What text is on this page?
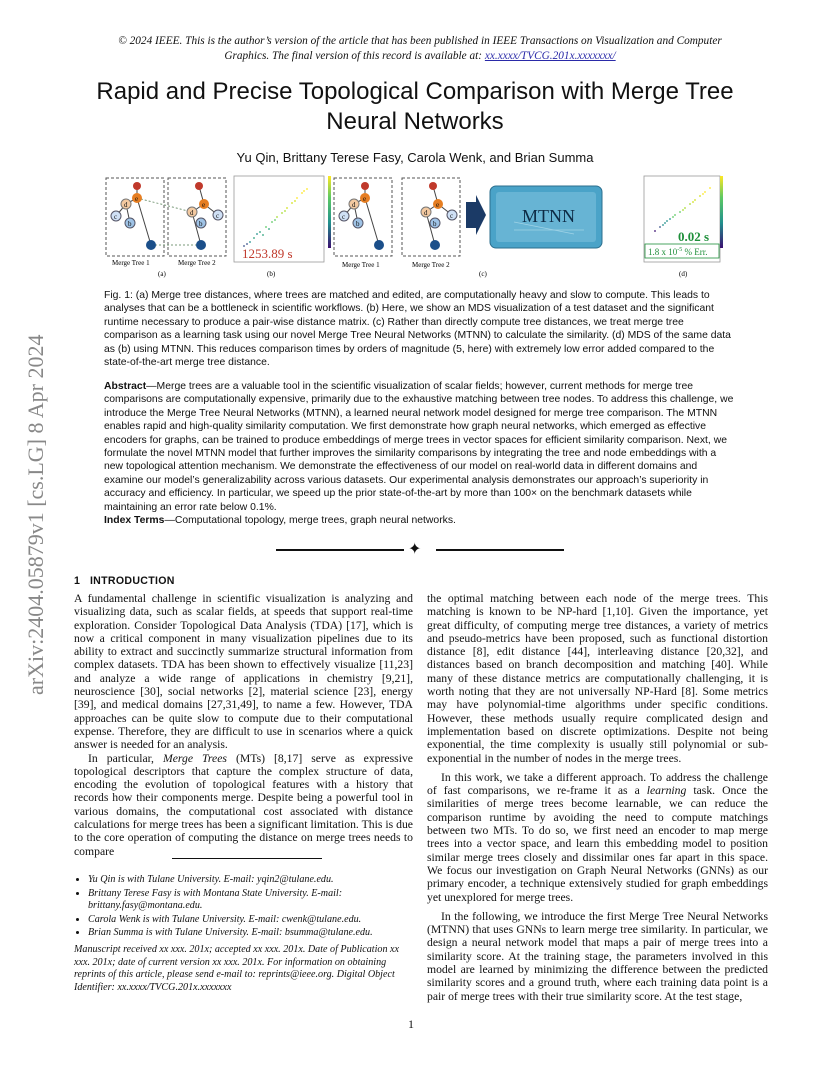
© 2024 IEEE. This is the author’s version of the article that has been published in IEEE Transactions on Visualization and Computer Graphics. The final version of this record is available at: xx.xxxx/TVCG.201x.xxxxxxx/
Rapid and Precise Topological Comparison with Merge Tree Neural Networks
Yu Qin, Brittany Terese Fasy, Carola Wenk, and Brian Summa
arXiv:2404.05879v1 [cs.LG] 8 Apr 2024
d
e
b
c	d
e
b
c
Merge Tree 1	Merge Tree 2
(a)
1253.89 s
(b)
d
e
b
c	d
e
b
c
Merge Tree 1	Merge Tree 2
MTNN
(c)
0.02 s
1.8 x $10^{-5}$ % Err.
(d)
Fig. 1: (a) Merge tree distances, where trees are matched and edited, are computationally heavy and slow to compute. This leads to analyses that can be a bottleneck in scientific workflows. (b) Here, we show an MDS visualization of a test dataset and the significant runtime necessary to produce a pair-wise distance matrix. (c) Rather than directly compute tree distances, we treat merge tree comparison as a learning task using our novel Merge Tree Neural Networks (MTNN) to calculate the similarity. (d) MDS of the same data as (b) using MTNN. This reduces comparison times by orders of magnitude (5, here) with extremely low error added compared to the state-of-the-art merge tree distance.
Abstract—Merge trees are a valuable tool in the scientific visualization of scalar fields; however, current methods for merge tree comparisons are computationally expensive, primarily due to the exhaustive matching between tree nodes. To address this challenge, we introduce the Merge Tree Neural Networks (MTNN), a learned neural network model designed for merge tree comparison. The MTNN enables rapid and high-quality similarity computation. We first demonstrate how graph neural networks, which emerged as effective encoders for graphs, can be trained to produce embeddings of merge trees in vector spaces for efficient similarity comparison. Next, we formulate the novel MTNN model that further improves the similarity comparisons by integrating the tree and node embeddings with a new topological attention mechanism. We demonstrate the effectiveness of our model on real-world data in different domains and examine our model’s generalizability across various datasets. Our experimental analysis demonstrates our approach’s superiority in accuracy and efficiency. In particular, we speed up the prior state-of-the-art by more than 100× on the benchmark datasets while maintaining an error rate below 0.1%.
Index Terms—Computational topology, merge trees, graph neural networks.
✦
1 INTRODUCTION

A fundamental challenge in scientific visualization is analyzing and visualizing data, such as scalar fields, at speeds that support real-time exploration. Consider Topological Data Analysis (TDA) [17], which is now a critical component in many visualization pipelines due to its ability to extract and succinctly summarize structural information from complex datasets. TDA has been shown to effectively visualize [11,23] and analyze a wide range of applications in chemistry [9,21], neuroscience [30], social networks [2], material science [23], energy [39], and medical domains [27,31,49], to name a few. However, TDA approaches can be quite slow to compute due to their computational expense. Therefore, they are difficult to use in scenarios where a quick answer is needed for an analysis.

In particular, Merge Trees (MTs) [8,17] serve as expressive topological descriptors that capture the complex structure of data, encoding the evolution of topological features with a history that records how their components merge. Despite being a powerful tool in various domains, the computational cost associated with distance calculations for merge trees has been a significant limitation. This is due to the core operation of computing the distance on merge trees needs to compare

• Yu Qin is with Tulane University. E-mail: yqin2@tulane.edu.
• Brittany Terese Fasy is with Montana State University. E-mail: brittany.fasy@montana.edu.
• Carola Wenk is with Tulane University. E-mail: cwenk@tulane.edu.
• Brian Summa is with Tulane University. E-mail: bsumma@tulane.edu.
Manuscript received xx xxx. 201x; accepted xx xxx. 201x. Date of Publication xx xxx. 201x; date of current version xx xxx. 201x. For information on obtaining reprints of this article, please send e-mail to: reprints@ieee.org. Digital Object Identifier: xx.xxxx/TVCG.201x.xxxxxxx

the optimal matching between each node of the merge trees. This matching is known to be NP-hard [1,10]. Given the importance, yet great difficulty, of computing merge tree distances, a variety of metrics and pseudo-metrics have been proposed, such as functional distortion distance [8], edit distance [44], interleaving distance [20,32], and distances based on branch decomposition and matching [40]. While many of these distance metrics are computationally challenging, it is worth noting that they are not universally NP-Hard [8]. Some metrics may have polynomial-time algorithms under specific conditions. However, these methods usually require complicated design and implementation based on discrete optimizations. Despite not being exponential, the time complexity is usually still polynomial or sub-exponential in the number of nodes in the merge trees.

In this work, we take a different approach. To address the challenge of fast comparisons, we re-frame it as a learning task. Once the similarities of merge trees become learnable, we can reduce the comparison runtime by avoiding the need to compute matchings between two MTs. To do so, we first need an encoder to map merge trees into a vector space, and learn this embedding model to position similar merge trees closely and dissimilar ones far apart in this space. We focus our investigation on Graph Neural Networks (GNNs) as our primary encoder, a technique extensively studied for graph embeddings yet unexplored for merge trees.

In the following, we introduce the first Merge Tree Neural Networks (MTNN) that uses GNNs to learn merge tree similarity. In particular, we design a neural network model that maps a pair of merge trees into a similarity score. At the training stage, the parameters involved in this model are learned by minimizing the difference between the predicted similarity scores and a ground truth, where each training data point is a pair of merge trees with their true similarity score. At the test stage,

1
